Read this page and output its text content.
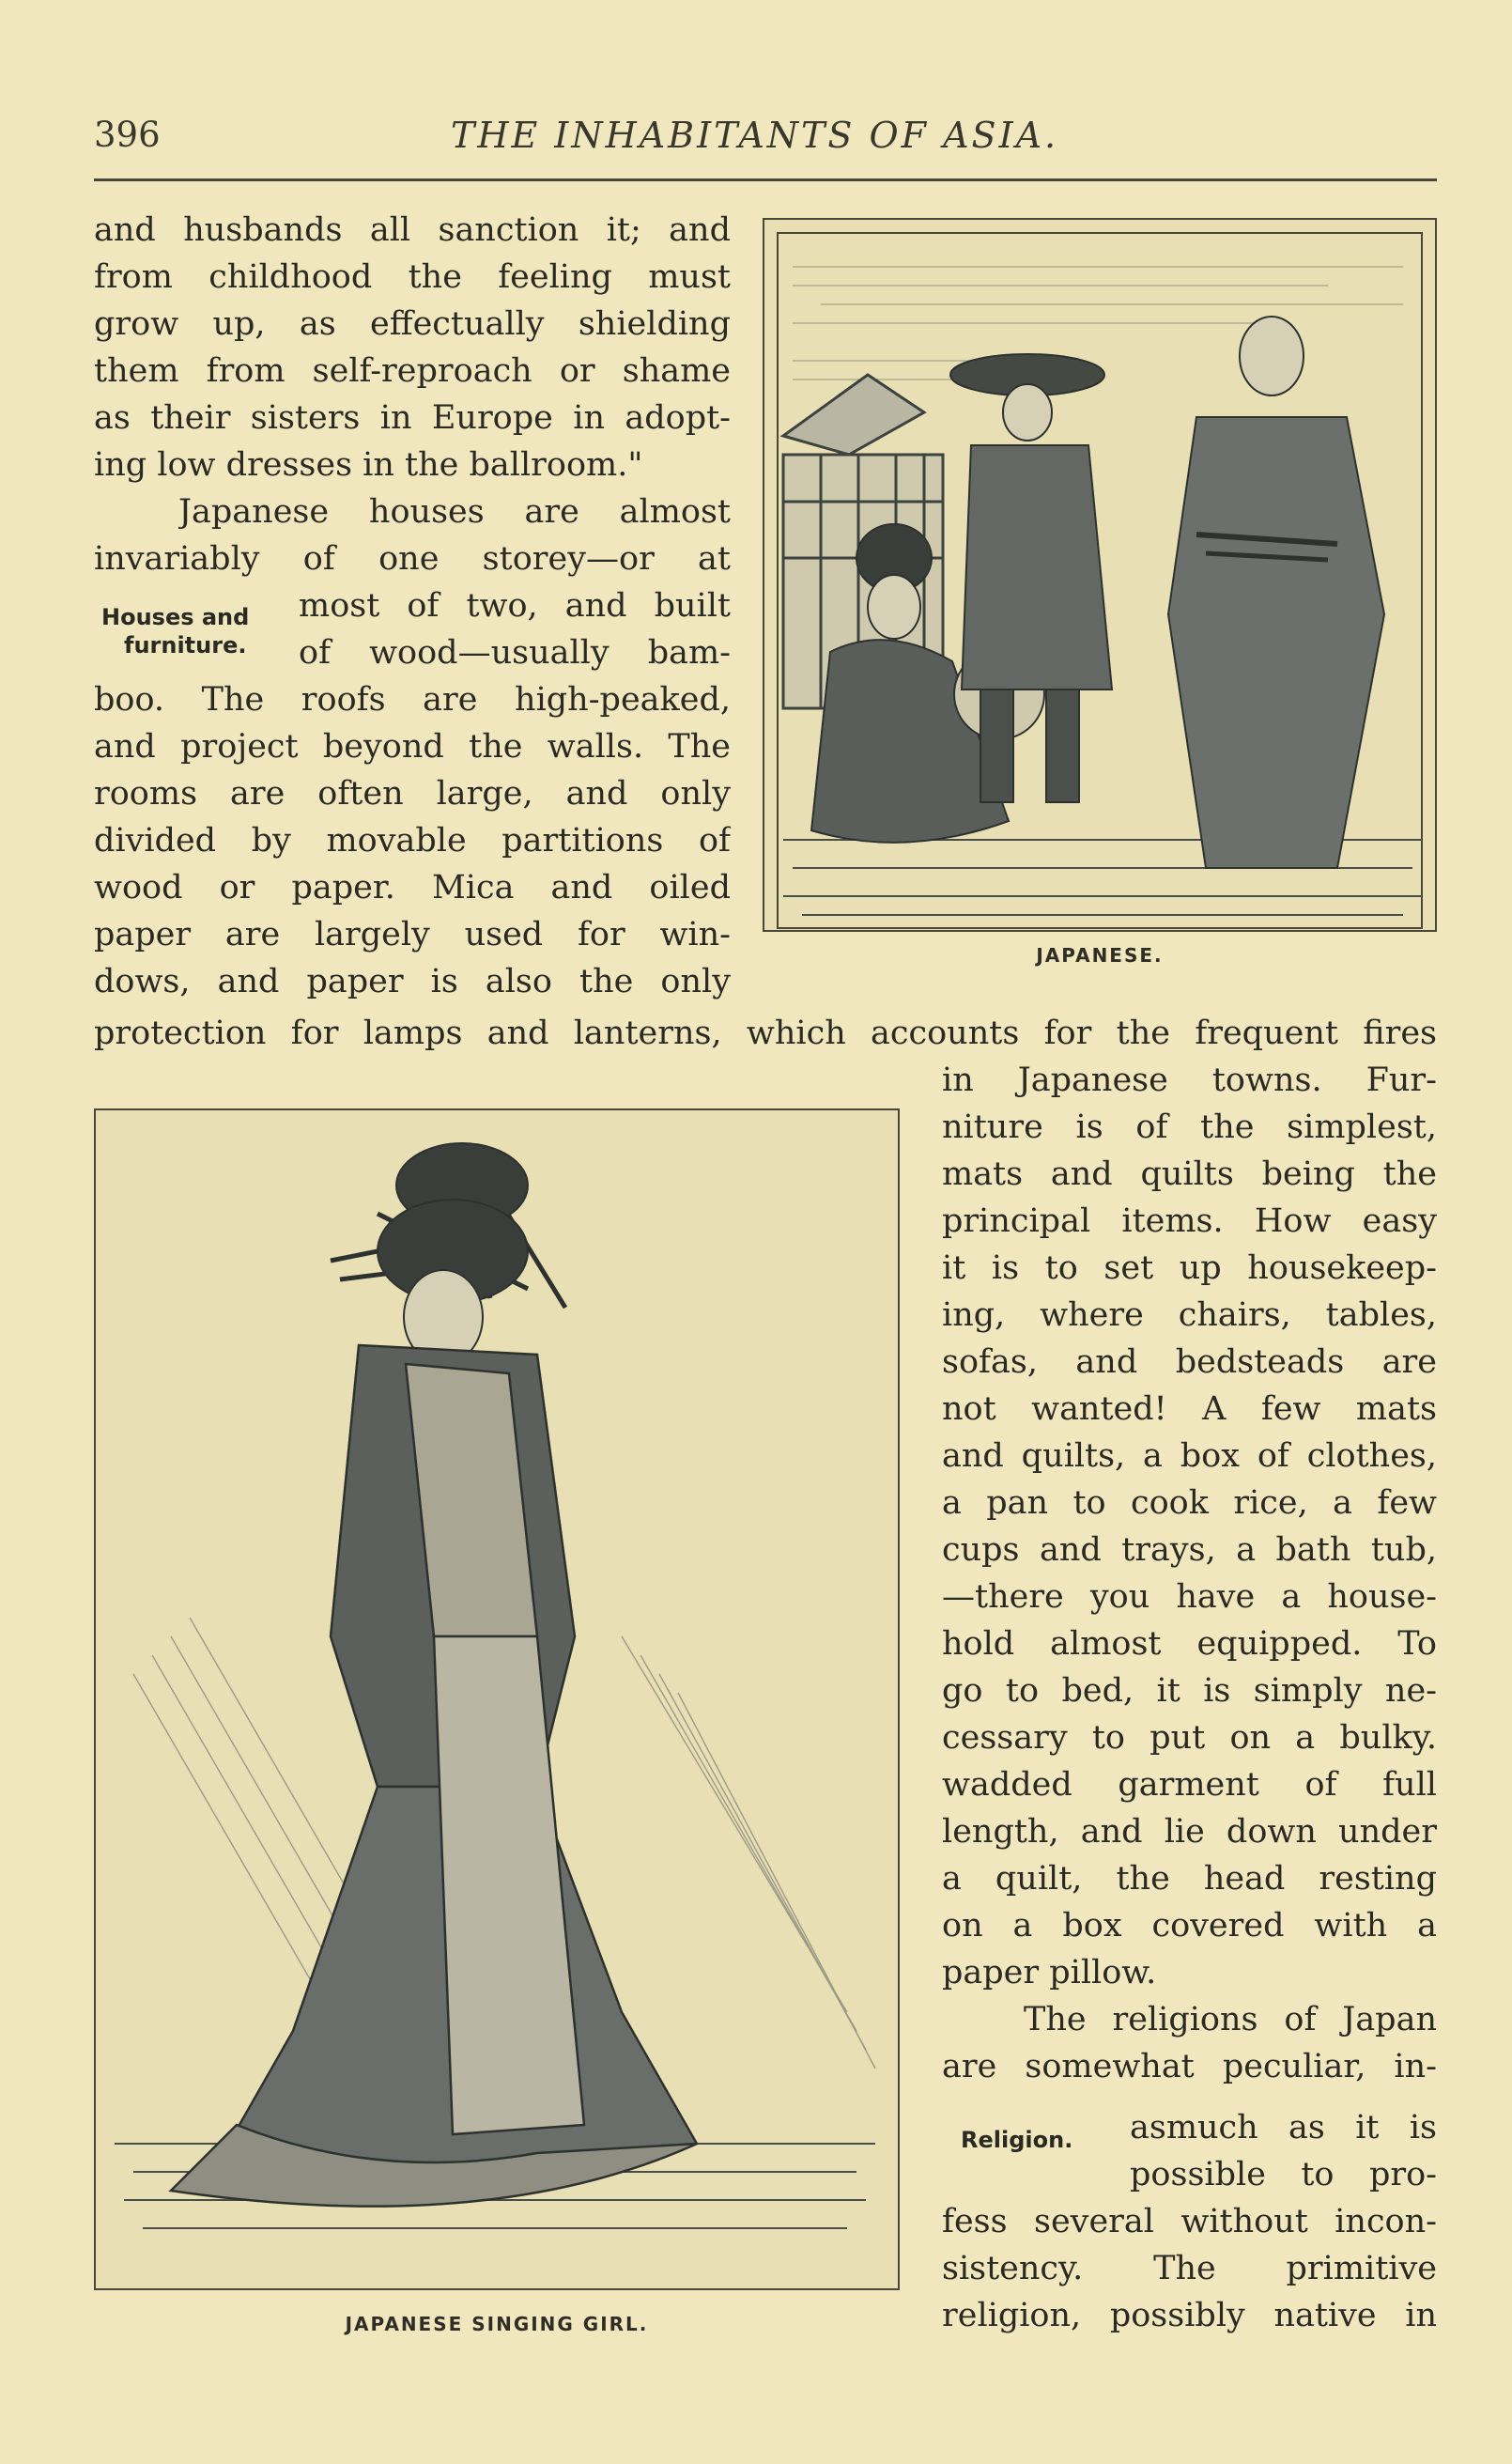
396	THE INHABITANTS OF ASIA.
and husbands all sanction it; and
from childhood the feeling must
grow up, as effectually shielding
them from self-reproach or shame
as their sisters in Europe in adopt-
ing low dresses in the ballroom."
Japanese houses are almost
invariably of one storey—or at
Houses and
furniture.
most of two, and built
of wood—usually bam-
boo. The roofs are high-peaked,
and project beyond the walls. The
rooms are often large, and only
divided by movable partitions of
wood or paper. Mica and oiled
paper are largely used for win-
dows, and paper is also the only
protection for lamps and lanterns, which accounts for the frequent fires
in Japanese towns. Fur-
niture is of the simplest,
mats and quilts being the
principal items. How easy
it is to set up housekeep-
ing, where chairs, tables,
sofas, and bedsteads are
not wanted! A few mats
and quilts, a box of clothes,
a pan to cook rice, a few
cups and trays, a bath tub,
—there you have a house-
hold almost equipped. To
go to bed, it is simply ne-
cessary to put on a bulky.
wadded garment of full
length, and lie down under
a quilt, the head resting
on a box covered with a
paper pillow.
The religions of Japan
are somewhat peculiar, in-
Religion. asmuch as it is
possible to pro-
fess several without incon-
sistency. The primitive
religion, possibly native in
JAPANESE.
JAPANESE SINGING GIRL.
